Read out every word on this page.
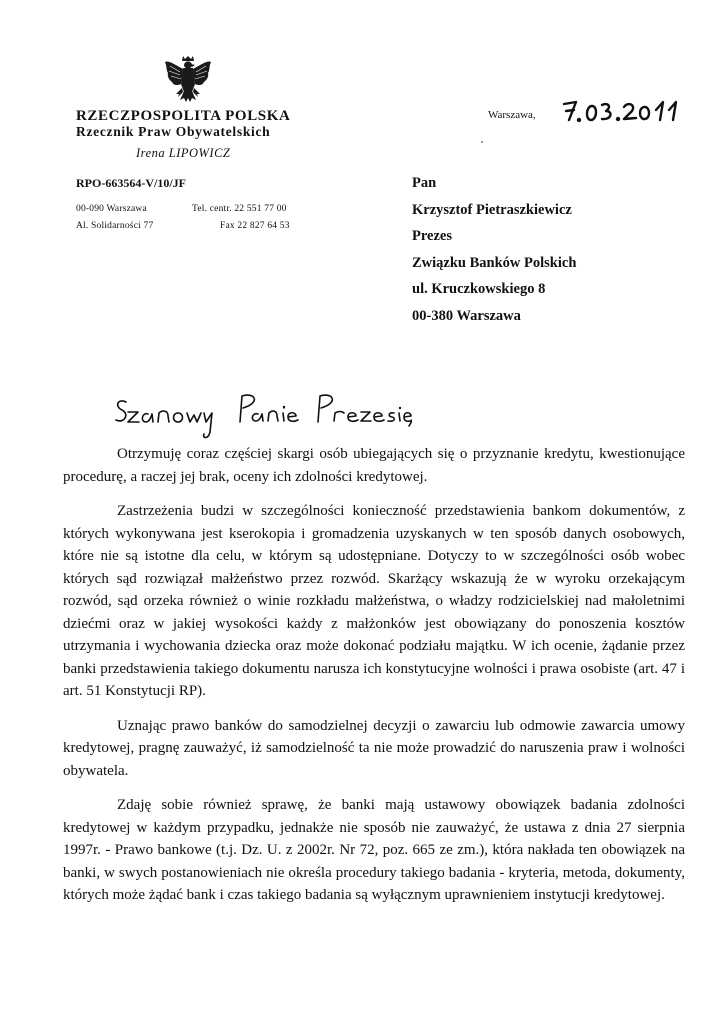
RZECZPOSPOLITA POLSKA
Rzecznik Praw Obywatelskich
Irena LIPOWICZ
RPO-663564-V/10/JF
00-090 Warszawa
Al. Solidarności 77
Tel. centr. 22 551 77 00
Fax 22 827 64 53
Warszawa,
Pan
Krzysztof Pietraszkiewicz
Prezes
Związku Banków Polskich
ul. Kruczkowskiego 8
00-380 Warszawa

Otrzymuję coraz częściej skargi osób ubiegających się o przyznanie kredytu, kwestionujące procedurę, a raczej jej brak, oceny ich zdolności kredytowej.

Zastrzeżenia budzi w szczególności konieczność przedstawienia bankom dokumentów, z których wykonywana jest kserokopia i gromadzenia uzyskanych w ten sposób danych osobowych, które nie są istotne dla celu, w którym są udostępniane. Dotyczy to w szczególności osób wobec których sąd rozwiązał małżeństwo przez rozwód. Skarżący wskazują że w wyroku orzekającym rozwód, sąd orzeka również o winie rozkładu małżeństwa, o władzy rodzicielskiej nad małoletnimi dziećmi oraz w jakiej wysokości każdy z małżonków jest obowiązany do ponoszenia kosztów utrzymania i wychowania dziecka oraz może dokonać podziału majątku. W ich ocenie, żądanie przez banki przedstawienia takiego dokumentu narusza ich konstytucyjne wolności i prawa osobiste (art. 47 i art. 51 Konstytucji RP).

Uznając prawo banków do samodzielnej decyzji o zawarciu lub odmowie zawarcia umowy kredytowej, pragnę zauważyć, iż samodzielność ta nie może prowadzić do naruszenia praw i wolności obywatela.

Zdaję sobie również sprawę, że banki mają ustawowy obowiązek badania zdolności kredytowej w każdym przypadku, jednakże nie sposób nie zauważyć, że ustawa z dnia 27 sierpnia 1997r. - Prawo bankowe (t.j. Dz. U. z 2002r. Nr 72, poz. 665 ze zm.), która nakłada ten obowiązek na banki, w swych postanowieniach nie określa procedury takiego badania - kryteria, metoda, dokumenty, których może żądać bank i czas takiego badania są wyłącznym uprawnieniem instytucji kredytowej.
